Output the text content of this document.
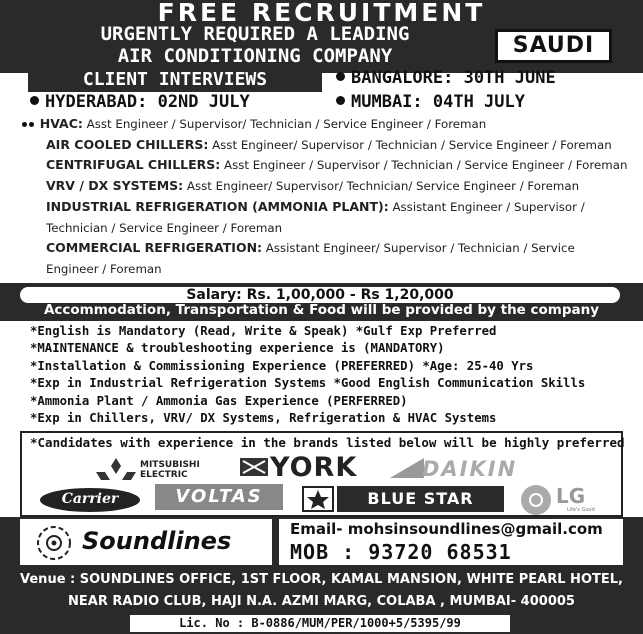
FREE RECRUITMENT
URGENTLY REQUIRED A LEADING
AIR CONDITIONING COMPANY	SAUDI
CLIENT INTERVIEWS	BANGALORE: 30TH JUNE
HYDERABAD: 02ND JULY	MUMBAI: 04TH JULY
HVAC: Asst Engineer / Supervisor/ Technician / Service Engineer / Foreman
AIR COOLED CHILLERS: Asst Engineer/ Supervisor / Technician / Service Engineer / Foreman
CENTRIFUGAL CHILLERS: Asst Engineer / Supervisor / Technician / Service Engineer / Foreman
VRV / DX SYSTEMS: Asst Engineer/ Supervisor/ Technician/ Service Engineer / Foreman
INDUSTRIAL REFRIGERATION (AMMONIA PLANT): Assistant Engineer / Supervisor /
Technician / Service Engineer / Foreman
COMMERCIAL REFRIGERATION: Assistant Engineer/ Supervisor / Technician / Service
Engineer / Foreman
Salary: Rs. 1,00,000 - Rs 1,20,000
Accommodation, Transportation & Food will be provided by the company
*English is Mandatory (Read, Write & Speak) *Gulf Exp Preferred
*MAINTENANCE & troubleshooting experience is (MANDATORY)
*Installation & Commissioning Experience (PREFERRED) *Age: 25-40 Yrs
*Exp in Industrial Refrigeration Systems *Good English Communication Skills
*Ammonia Plant / Ammonia Gas Experience (PERFERRED)
*Exp in Chillers, VRV/ DX Systems, Refrigeration & HVAC Systems
*Candidates with experience in the brands listed below will be highly preferred
MITSUBISHI
ELECTRIC	YORK	DAIKIN
Carrier	VOLTAS	BLUE STAR	LG
Life's Good
Soundlines	Email- mohsinsoundlines@gmail.com
MOB : 93720 68531
Venue : SOUNDLINES OFFICE, 1ST FLOOR, KAMAL MANSION, WHITE PEARL HOTEL,
NEAR RADIO CLUB, HAJI N.A. AZMI MARG, COLABA , MUMBAI- 400005
Lic. No : B-0886/MUM/PER/1000+5/5395/99
